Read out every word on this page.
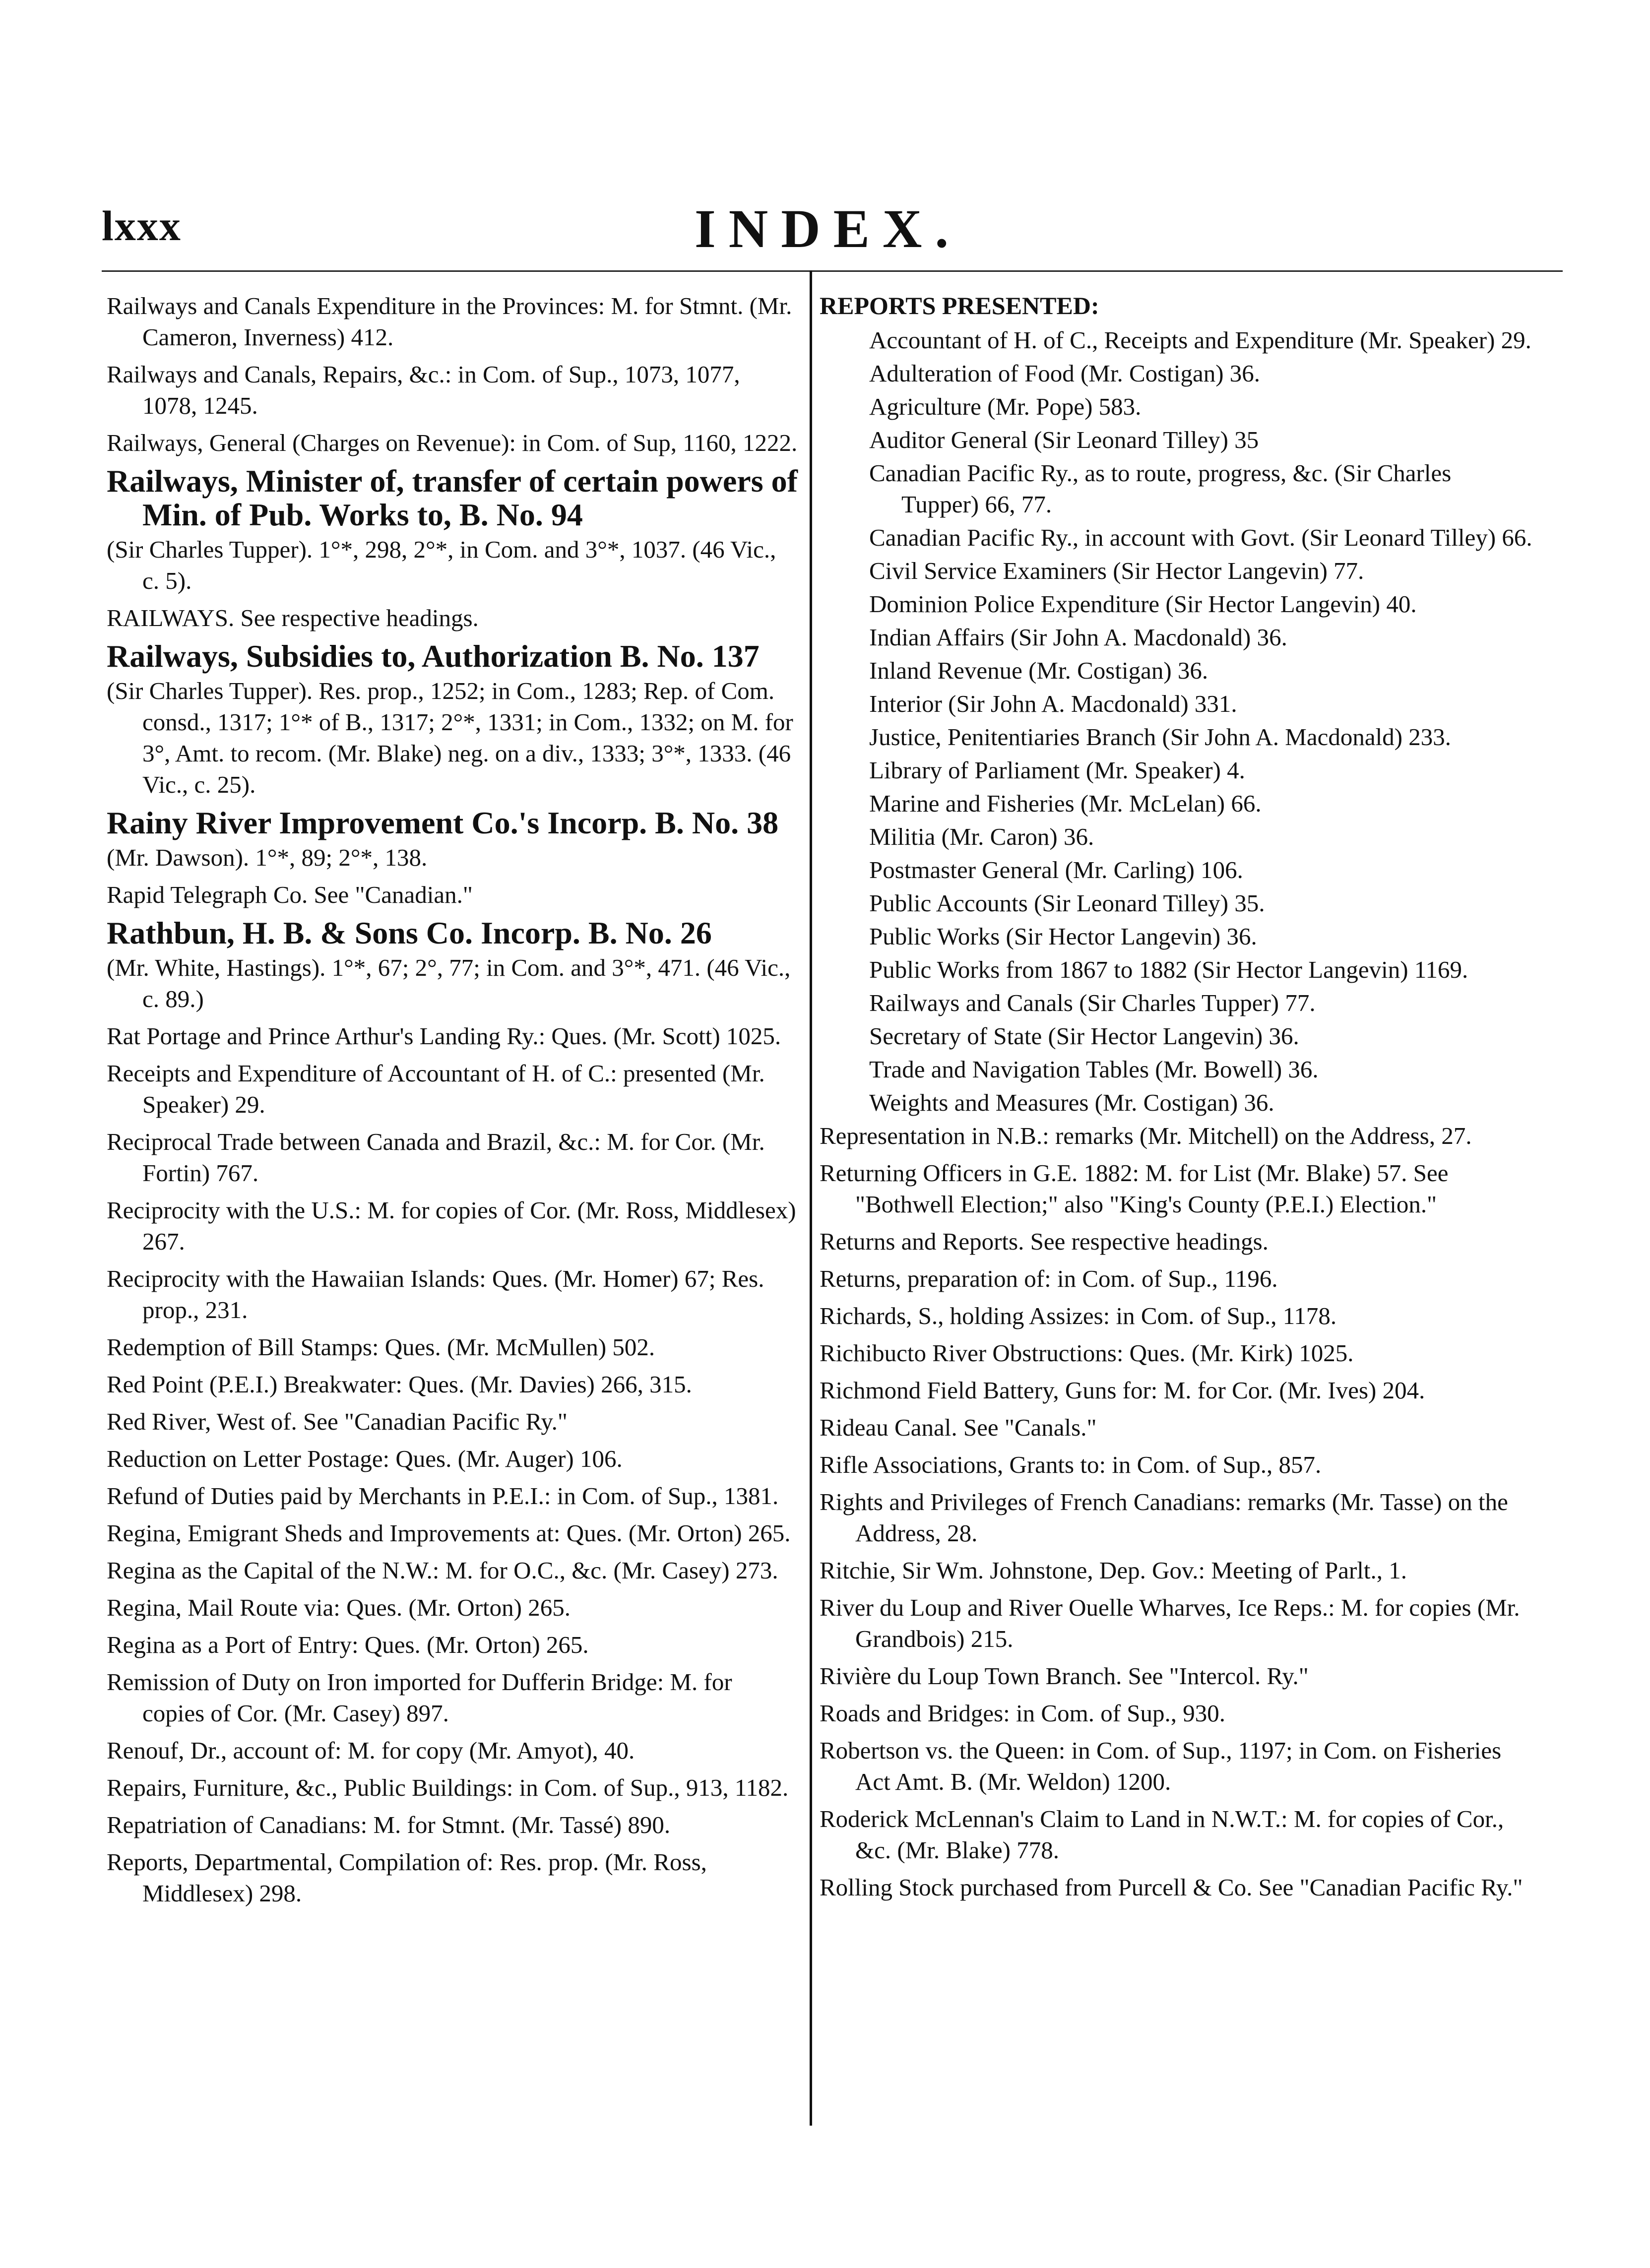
lxxx	INDEX.
Railways and Canals Expenditure in the Provinces: M. for Stmnt. (Mr. Cameron, Inverness) 412.
Railways and Canals, Repairs, &c.: in Com. of Sup., 1073, 1077, 1078, 1245.
Railways, General (Charges on Revenue): in Com. of Sup, 1160, 1222.
Railways, Minister of, transfer of certain powers of Min. of Pub. Works to, B. No. 94
(Sir Charles Tupper). 1°*, 298, 2°*, in Com. and 3°*, 1037. (46 Vic., c. 5).
RAILWAYS. See respective headings.
Railways, Subsidies to, Authorization B. No. 137
(Sir Charles Tupper). Res. prop., 1252; in Com., 1283; Rep. of Com. consd., 1317; 1°* of B., 1317; 2°*, 1331; in Com., 1332; on M. for 3°, Amt. to recom. (Mr. Blake) neg. on a div., 1333; 3°*, 1333. (46 Vic., c. 25).
Rainy River Improvement Co.'s Incorp. B. No. 38
(Mr. Dawson). 1°*, 89; 2°*, 138.
Rapid Telegraph Co. See "Canadian."
Rathbun, H. B. & Sons Co. Incorp. B. No. 26
(Mr. White, Hastings). 1°*, 67; 2°, 77; in Com. and 3°*, 471. (46 Vic., c. 89.)
Rat Portage and Prince Arthur's Landing Ry.: Ques. (Mr. Scott) 1025.
Receipts and Expenditure of Accountant of H. of C.: presented (Mr. Speaker) 29.
Reciprocal Trade between Canada and Brazil, &c.: M. for Cor. (Mr. Fortin) 767.
Reciprocity with the U.S.: M. for copies of Cor. (Mr. Ross, Middlesex) 267.
Reciprocity with the Hawaiian Islands: Ques. (Mr. Homer) 67; Res. prop., 231.
Redemption of Bill Stamps: Ques. (Mr. McMullen) 502.
Red Point (P.E.I.) Breakwater: Ques. (Mr. Davies) 266, 315.
Red River, West of. See "Canadian Pacific Ry."
Reduction on Letter Postage: Ques. (Mr. Auger) 106.
Refund of Duties paid by Merchants in P.E.I.: in Com. of Sup., 1381.
Regina, Emigrant Sheds and Improvements at: Ques. (Mr. Orton) 265.
Regina as the Capital of the N.W.: M. for O.C., &c. (Mr. Casey) 273.
Regina, Mail Route via: Ques. (Mr. Orton) 265.
Regina as a Port of Entry: Ques. (Mr. Orton) 265.
Remission of Duty on Iron imported for Dufferin Bridge: M. for copies of Cor. (Mr. Casey) 897.
Renouf, Dr., account of: M. for copy (Mr. Amyot), 40.
Repairs, Furniture, &c., Public Buildings: in Com. of Sup., 913, 1182.
Repatriation of Canadians: M. for Stmnt. (Mr. Tassé) 890.
Reports, Departmental, Compilation of: Res. prop. (Mr. Ross, Middlesex) 298.
REPORTS PRESENTED:
Accountant of H. of C., Receipts and Expenditure (Mr. Speaker) 29.
Adulteration of Food (Mr. Costigan) 36.
Agriculture (Mr. Pope) 583.
Auditor General (Sir Leonard Tilley) 35
Canadian Pacific Ry., as to route, progress, &c. (Sir Charles Tupper) 66, 77.
Canadian Pacific Ry., in account with Govt. (Sir Leonard Tilley) 66.
Civil Service Examiners (Sir Hector Langevin) 77.
Dominion Police Expenditure (Sir Hector Langevin) 40.
Indian Affairs (Sir John A. Macdonald) 36.
Inland Revenue (Mr. Costigan) 36.
Interior (Sir John A. Macdonald) 331.
Justice, Penitentiaries Branch (Sir John A. Macdonald) 233.
Library of Parliament (Mr. Speaker) 4.
Marine and Fisheries (Mr. McLelan) 66.
Militia (Mr. Caron) 36.
Postmaster General (Mr. Carling) 106.
Public Accounts (Sir Leonard Tilley) 35.
Public Works (Sir Hector Langevin) 36.
Public Works from 1867 to 1882 (Sir Hector Langevin) 1169.
Railways and Canals (Sir Charles Tupper) 77.
Secretary of State (Sir Hector Langevin) 36.
Trade and Navigation Tables (Mr. Bowell) 36.
Weights and Measures (Mr. Costigan) 36.
Representation in N.B.: remarks (Mr. Mitchell) on the Address, 27.
Returning Officers in G.E. 1882: M. for List (Mr. Blake) 57. See "Bothwell Election;" also "King's County (P.E.I.) Election."
Returns and Reports. See respective headings.
Returns, preparation of: in Com. of Sup., 1196.
Richards, S., holding Assizes: in Com. of Sup., 1178.
Richibucto River Obstructions: Ques. (Mr. Kirk) 1025.
Richmond Field Battery, Guns for: M. for Cor. (Mr. Ives) 204.
Rideau Canal. See "Canals."
Rifle Associations, Grants to: in Com. of Sup., 857.
Rights and Privileges of French Canadians: remarks (Mr. Tasse) on the Address, 28.
Ritchie, Sir Wm. Johnstone, Dep. Gov.: Meeting of Parlt., 1.
River du Loup and River Ouelle Wharves, Ice Reps.: M. for copies (Mr. Grandbois) 215.
Rivière du Loup Town Branch. See "Intercol. Ry."
Roads and Bridges: in Com. of Sup., 930.
Robertson vs. the Queen: in Com. of Sup., 1197; in Com. on Fisheries Act Amt. B. (Mr. Weldon) 1200.
Roderick McLennan's Claim to Land in N.W.T.: M. for copies of Cor., &c. (Mr. Blake) 778.
Rolling Stock purchased from Purcell & Co. See "Canadian Pacific Ry."
